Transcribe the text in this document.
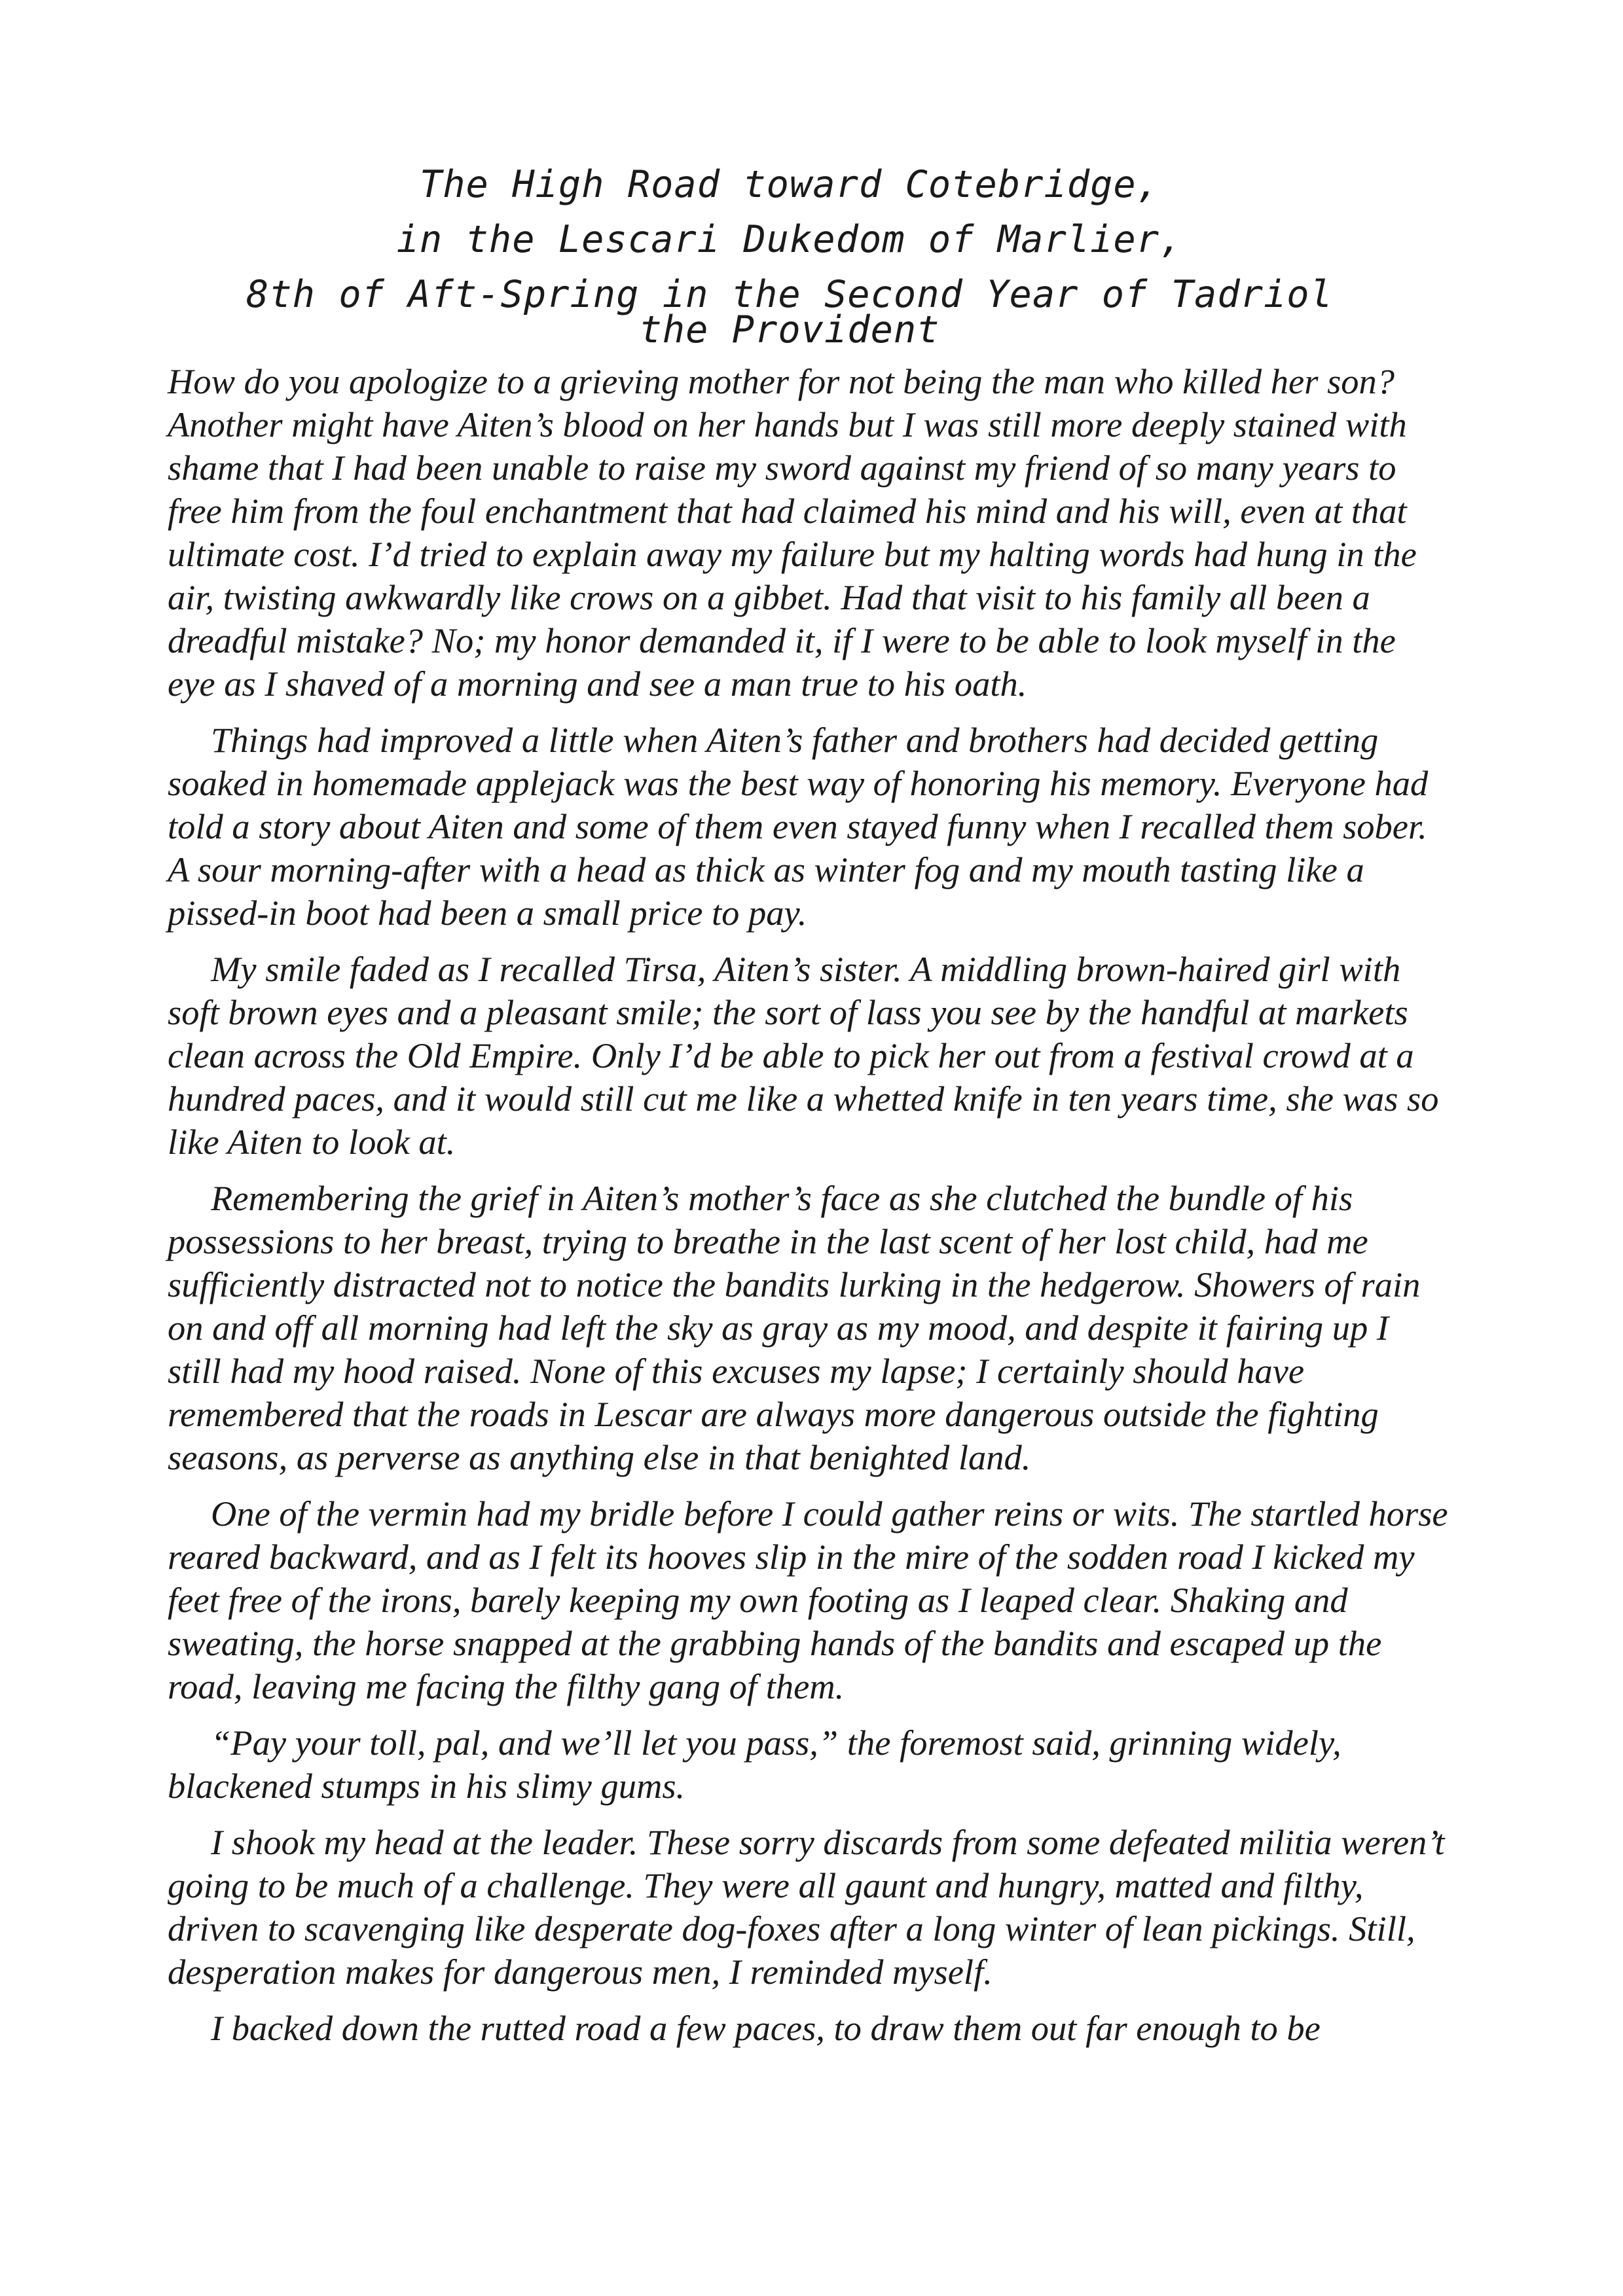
The High Road toward Cotebridge,
in the Lescari Dukedom of Marlier,
8th of Aft-Spring in the Second Year of Tadriol
the Provident

How do you apologize to a grieving mother for not being the man who killed her son? Another might have Aiten’s blood on her hands but I was still more deeply stained with shame that I had been unable to raise my sword against my friend of so many years to free him from the foul enchantment that had claimed his mind and his will, even at that ultimate cost. I’d tried to explain away my failure but my halting words had hung in the air, twisting awkwardly like crows on a gibbet. Had that visit to his family all been a dreadful mistake? No; my honor demanded it, if I were to be able to look myself in the eye as I shaved of a morning and see a man true to his oath.

Things had improved a little when Aiten’s father and brothers had decided getting soaked in homemade applejack was the best way of honoring his memory. Everyone had told a story about Aiten and some of them even stayed funny when I recalled them sober. A sour morning-after with a head as thick as winter fog and my mouth tasting like a pissed-in boot had been a small price to pay.

My smile faded as I recalled Tirsa, Aiten’s sister. A middling brown-haired girl with soft brown eyes and a pleasant smile; the sort of lass you see by the handful at markets clean across the Old Empire. Only I’d be able to pick her out from a festival crowd at a hundred paces, and it would still cut me like a whetted knife in ten years time, she was so like Aiten to look at.

Remembering the grief in Aiten’s mother’s face as she clutched the bundle of his possessions to her breast, trying to breathe in the last scent of her lost child, had me sufficiently distracted not to notice the bandits lurking in the hedgerow. Showers of rain on and off all morning had left the sky as gray as my mood, and despite it fairing up I still had my hood raised. None of this excuses my lapse; I certainly should have remembered that the roads in Lescar are always more dangerous outside the fighting seasons, as perverse as anything else in that benighted land.

One of the vermin had my bridle before I could gather reins or wits. The startled horse reared backward, and as I felt its hooves slip in the mire of the sodden road I kicked my feet free of the irons, barely keeping my own footing as I leaped clear. Shaking and sweating, the horse snapped at the grabbing hands of the bandits and escaped up the road, leaving me facing the filthy gang of them.

“Pay your toll, pal, and we’ll let you pass,” the foremost said, grinning widely, blackened stumps in his slimy gums.

I shook my head at the leader. These sorry discards from some defeated militia weren’t going to be much of a challenge. They were all gaunt and hungry, matted and filthy, driven to scavenging like desperate dog-foxes after a long winter of lean pickings. Still, desperation makes for dangerous men, I reminded myself.

I backed down the rutted road a few paces, to draw them out far enough to be
